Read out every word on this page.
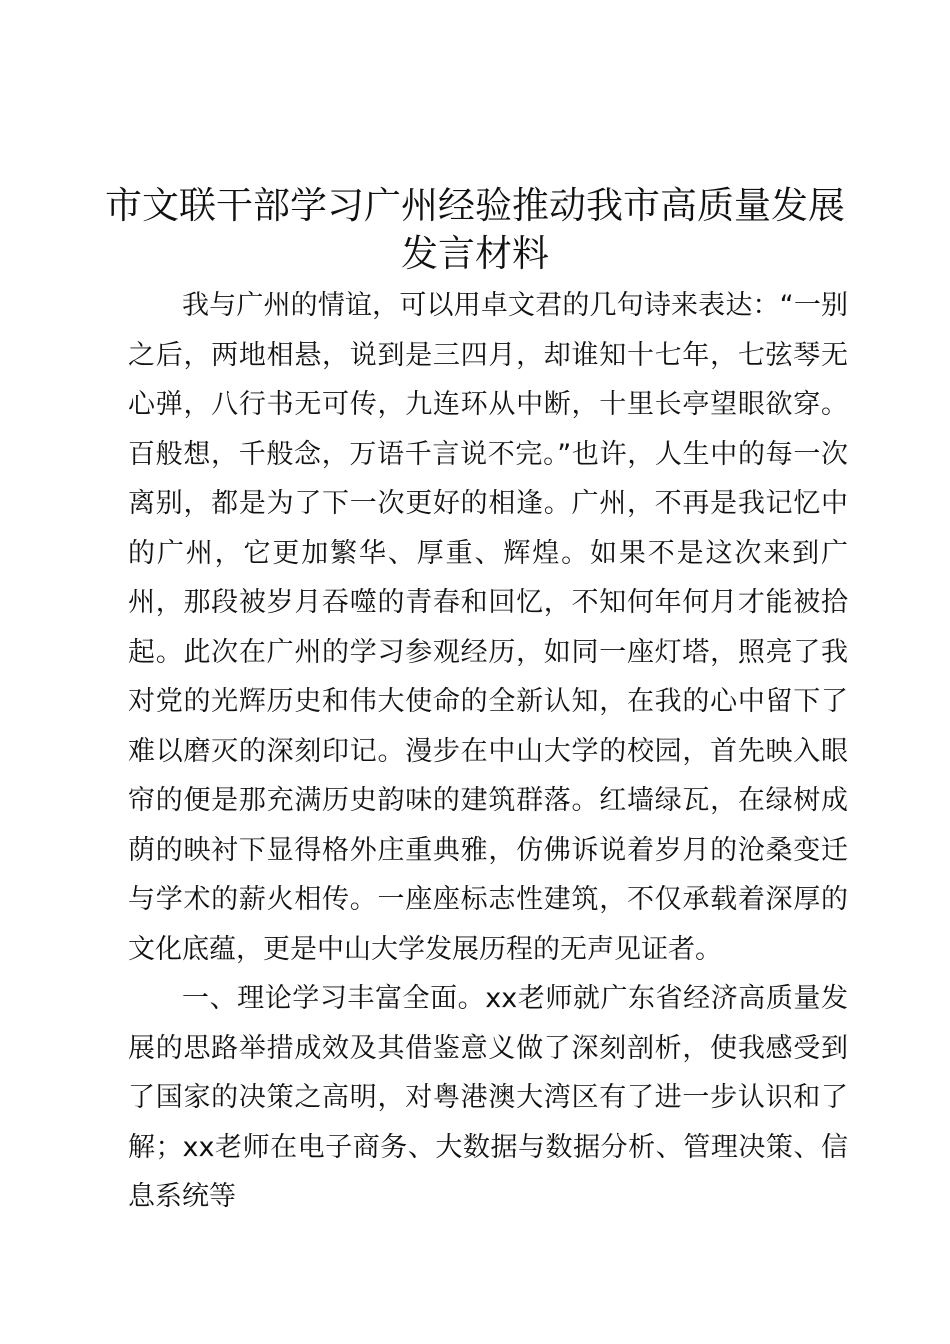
市文联干部学习广州经验推动我市高质量发展
发言材料

我与广州的情谊，可以用卓文君的几句诗来表达：“一别之后，两地相悬，说到是三四月，却谁知十七年，七弦琴无心弹，八行书无可传，九连环从中断，十里长亭望眼欲穿。百般想，千般念，万语千言说不完。”也许，人生中的每一次离别，都是为了下一次更好的相逢。广州，不再是我记忆中的广州，它更加繁华、厚重、辉煌。如果不是这次来到广州，那段被岁月吞噬的青春和回忆，不知何年何月才能被拾起。此次在广州的学习参观经历，如同一座灯塔，照亮了我对党的光辉历史和伟大使命的全新认知，在我的心中留下了难以磨灭的深刻印记。漫步在中山大学的校园，首先映入眼帘的便是那充满历史韵味的建筑群落。红墙绿瓦，在绿树成荫的映衬下显得格外庄重典雅，仿佛诉说着岁月的沧桑变迁与学术的薪火相传。一座座标志性建筑，不仅承载着深厚的文化底蕴，更是中山大学发展历程的无声见证者。

一、理论学习丰富全面。xx老师就广东省经济高质量发展的思路举措成效及其借鉴意义做了深刻剖析，使我感受到了国家的决策之高明，对粤港澳大湾区有了进一步认识和了解；xx老师在电子商务、大数据与数据分析、管理决策、信息系统等
